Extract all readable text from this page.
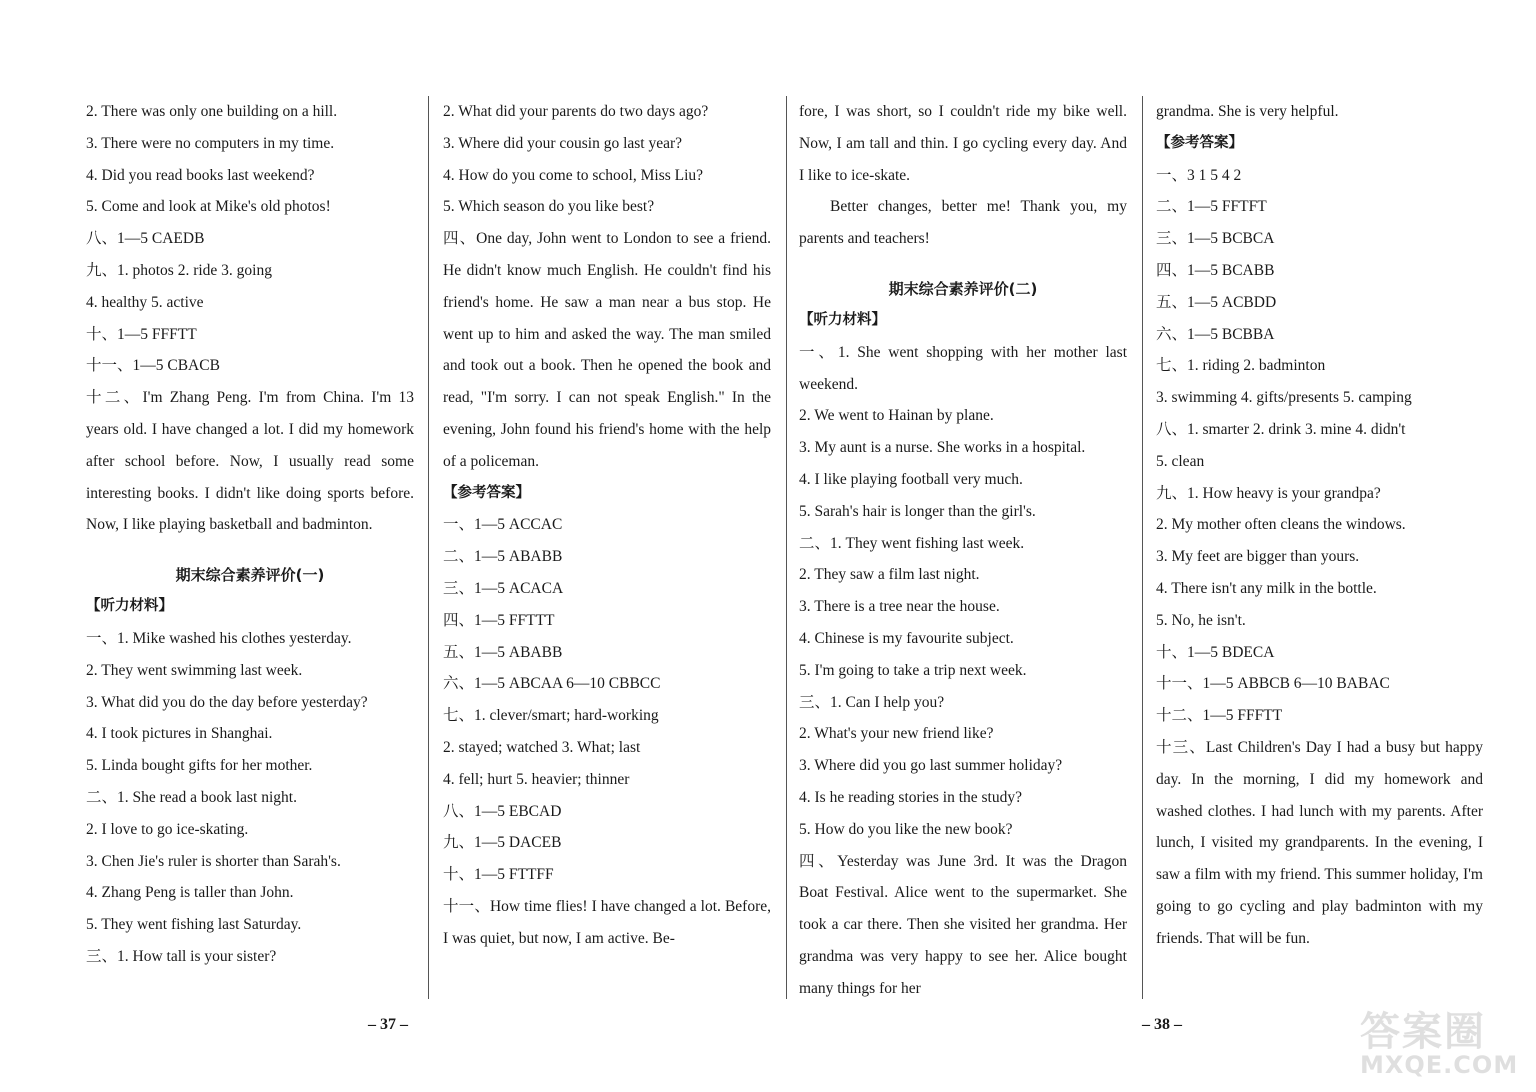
2. There was only one building on a hill.
3. There were no computers in my time.
4. Did you read books last weekend?
5. Come and look at Mike's old photos!
八、1—5 CAEDB
九、1. photos 2. ride 3. going
4. healthy 5. active
十、1—5 FFFTT
十一、1—5 CBACB
十二、I'm Zhang Peng. I'm from China. I'm 13 years old. I have changed a lot. I did my homework after school before. Now, I usually read some interesting books. I didn't like doing sports before. Now, I like playing basketball and badminton.
期末综合素养评价(一)
【听力材料】
一、1. Mike washed his clothes yesterday.
2. They went swimming last week.
3. What did you do the day before yesterday?
4. I took pictures in Shanghai.
5. Linda bought gifts for her mother.
二、1. She read a book last night.
2. I love to go ice-skating.
3. Chen Jie's ruler is shorter than Sarah's.
4. Zhang Peng is taller than John.
5. They went fishing last Saturday.
三、1. How tall is your sister?
2. What did your parents do two days ago?
3. Where did your cousin go last year?
4. How do you come to school, Miss Liu?
5. Which season do you like best?
四、One day, John went to London to see a friend. He didn't know much English. He couldn't find his friend's home. He saw a man near a bus stop. He went up to him and asked the way. The man smiled and took out a book. Then he opened the book and read, "I'm sorry. I can not speak English." In the evening, John found his friend's home with the help of a policeman.
【参考答案】
一、1—5 ACCAC
二、1—5 ABABB
三、1—5 ACACA
四、1—5 FFTTT
五、1—5 ABABB
六、1—5 ABCAA 6—10 CBBCC
七、1. clever/smart; hard-working
2. stayed; watched 3. What; last
4. fell; hurt 5. heavier; thinner
八、1—5 EBCAD
九、1—5 DACEB
十、1—5 FTTFF
十一、How time flies! I have changed a lot. Before, I was quiet, but now, I am active. Be-
fore, I was short, so I couldn't ride my bike well. Now, I am tall and thin. I go cycling every day. And I like to ice-skate.
Better changes, better me! Thank you, my parents and teachers!
期末综合素养评价(二)
【听力材料】
一、1. She went shopping with her mother last weekend.
2. We went to Hainan by plane.
3. My aunt is a nurse. She works in a hospital.
4. I like playing football very much.
5. Sarah's hair is longer than the girl's.
二、1. They went fishing last week.
2. They saw a film last night.
3. There is a tree near the house.
4. Chinese is my favourite subject.
5. I'm going to take a trip next week.
三、1. Can I help you?
2. What's your new friend like?
3. Where did you go last summer holiday?
4. Is he reading stories in the study?
5. How do you like the new book?
四、Yesterday was June 3rd. It was the Dragon Boat Festival. Alice went to the supermarket. She took a car there. Then she visited her grandma. Her grandma was very happy to see her. Alice bought many things for her
grandma. She is very helpful.
【参考答案】
一、3 1 5 4 2
二、1—5 FFTFT
三、1—5 BCBCA
四、1—5 BCABB
五、1—5 ACBDD
六、1—5 BCBBA
七、1. riding 2. badminton
3. swimming 4. gifts/presents 5. camping
八、1. smarter 2. drink 3. mine 4. didn't
5. clean
九、1. How heavy is your grandpa?
2. My mother often cleans the windows.
3. My feet are bigger than yours.
4. There isn't any milk in the bottle.
5. No, he isn't.
十、1—5 BDECA
十一、1—5 ABBCB 6—10 BABAC
十二、1—5 FFFTT
十三、Last Children's Day I had a busy but happy day. In the morning, I did my homework and washed clothes. I had lunch with my parents. After lunch, I visited my grandparents. In the evening, I saw a film with my friend. This summer holiday, I'm going to go cycling and play badminton with my friends. That will be fun.
– 37 –	– 38 –	答案圈
MXQE.COM
